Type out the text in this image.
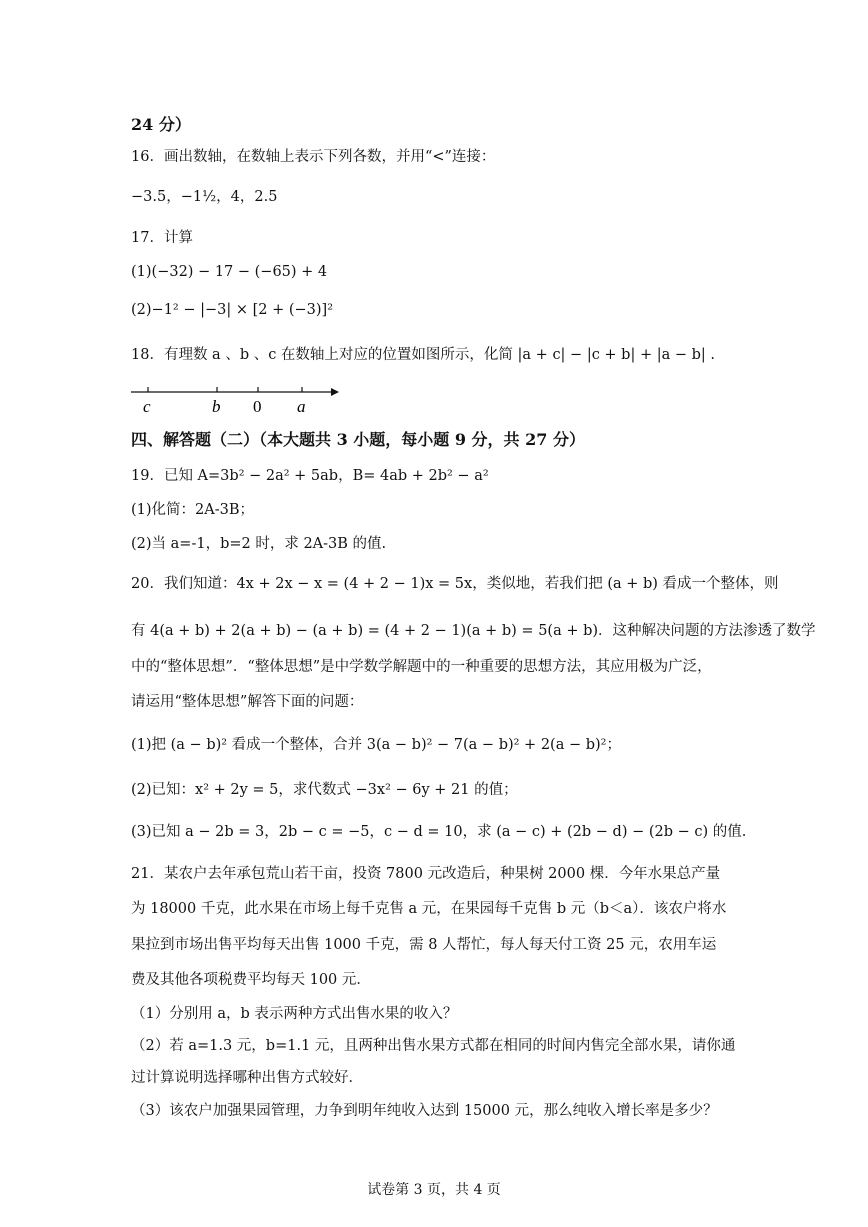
24 分）
16．画出数轴，在数轴上表示下列各数，并用“<”连接：
−3.5，−1½，4，2.5
17．计算
(1)(−32) − 17 − (−65) + 4
(2)−1² − |−3| × [2 + (−3)]²
18．有理数 a 、b 、c 在数轴上对应的位置如图所示，化简 |a + c| − |c + b| + |a − b| .
c	b 0 a
四、解答题（二）（本大题共 3 小题，每小题 9 分，共 27 分）
19．已知 A=3b² − 2a² + 5ab，B= 4ab + 2b² − a²
(1)化简：2A-3B；
(2)当 a=-1，b=2 时，求 2A-3B 的值.
20．我们知道：4x + 2x − x = (4 + 2 − 1)x = 5x，类似地，若我们把 (a + b) 看成一个整体，则
有 4(a + b) + 2(a + b) − (a + b) = (4 + 2 − 1)(a + b) = 5(a + b)．这种解决问题的方法渗透了数学
中的“整体思想”．“整体思想”是中学数学解题中的一种重要的思想方法，其应用极为广泛，
请运用“整体思想”解答下面的问题：
(1)把 (a − b)² 看成一个整体，合并 3(a − b)² − 7(a − b)² + 2(a − b)²；
(2)已知：x² + 2y = 5，求代数式 −3x² − 6y + 21 的值；
(3)已知 a − 2b = 3，2b − c = −5，c − d = 10，求 (a − c) + (2b − d) − (2b − c) 的值.
21．某农户去年承包荒山若干亩，投资 7800 元改造后，种果树 2000 棵．今年水果总产量
为 18000 千克，此水果在市场上每千克售 a 元，在果园每千克售 b 元（b＜a）．该农户将水
果拉到市场出售平均每天出售 1000 千克，需 8 人帮忙，每人每天付工资 25 元，农用车运
费及其他各项税费平均每天 100 元．
（1）分别用 a，b 表示两种方式出售水果的收入？
（2）若 a=1.3 元，b=1.1 元，且两种出售水果方式都在相同的时间内售完全部水果，请你通
过计算说明选择哪种出售方式较好．
（3）该农户加强果园管理，力争到明年纯收入达到 15000 元，那么纯收入增长率是多少？
试卷第 3 页，共 4 页
